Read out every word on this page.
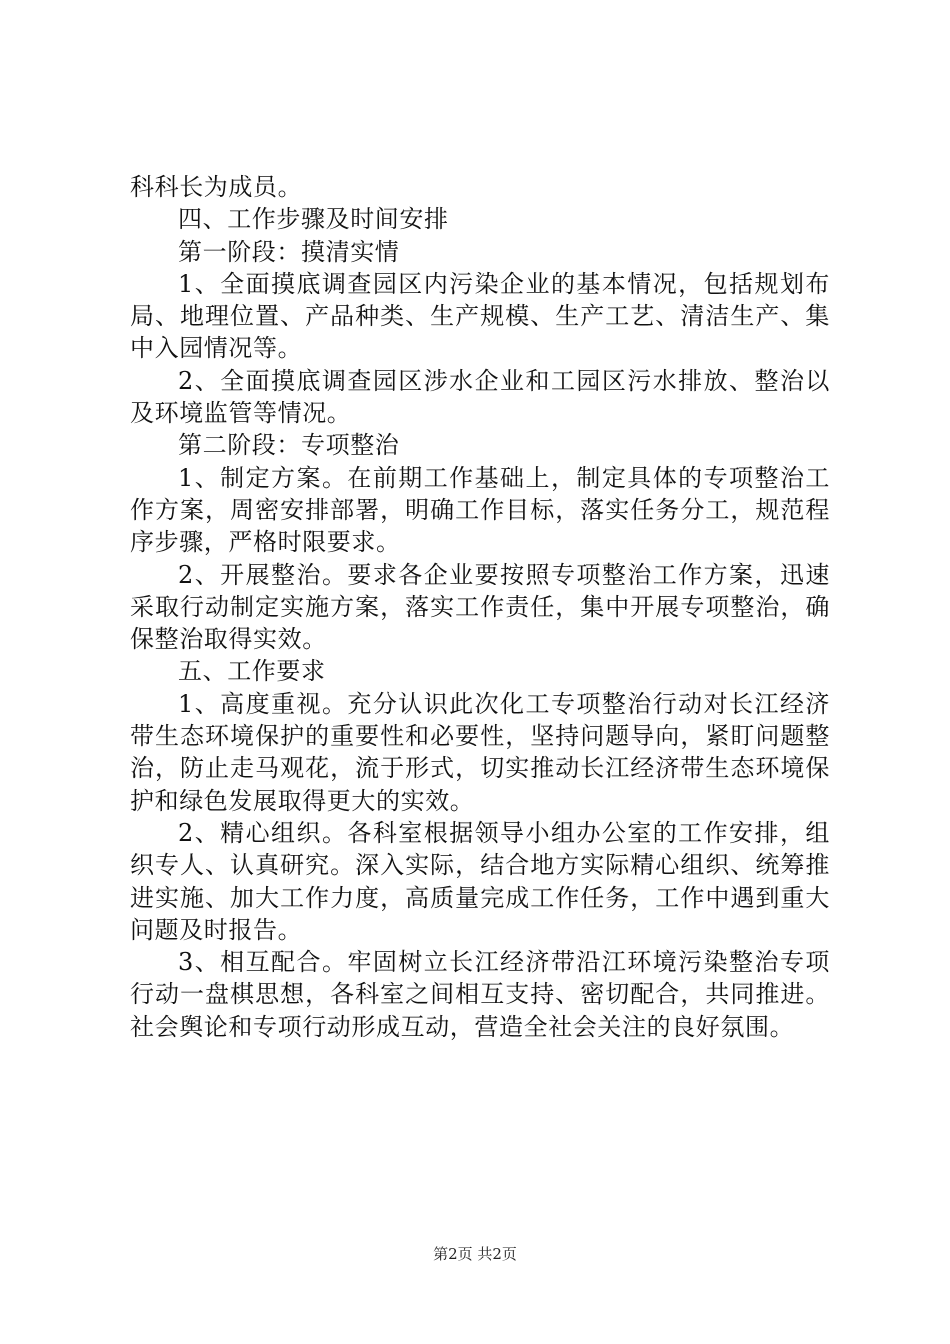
科科长为成员。

四、工作步骤及时间安排

第一阶段：摸清实情

1、全面摸底调查园区内污染企业的基本情况，包括规划布局、地理位置、产品种类、生产规模、生产工艺、清洁生产、集中入园情况等。

2、全面摸底调查园区涉水企业和工园区污水排放、整治以及环境监管等情况。

第二阶段：专项整治

1、制定方案。在前期工作基础上，制定具体的专项整治工作方案，周密安排部署，明确工作目标，落实任务分工，规范程序步骤，严格时限要求。

2、开展整治。要求各企业要按照专项整治工作方案，迅速采取行动制定实施方案，落实工作责任，集中开展专项整治，确保整治取得实效。

五、工作要求

1、高度重视。充分认识此次化工专项整治行动对长江经济带生态环境保护的重要性和必要性，坚持问题导向，紧盯问题整治，防止走马观花，流于形式，切实推动长江经济带生态环境保护和绿色发展取得更大的实效。

2、精心组织。各科室根据领导小组办公室的工作安排，组织专人、认真研究。深入实际，结合地方实际精心组织、统筹推进实施、加大工作力度，高质量完成工作任务，工作中遇到重大问题及时报告。

3、相互配合。牢固树立长江经济带沿江环境污染整治专项行动一盘棋思想，各科室之间相互支持、密切配合，共同推进。社会舆论和专项行动形成互动，营造全社会关注的良好氛围。

第2页 共2页
